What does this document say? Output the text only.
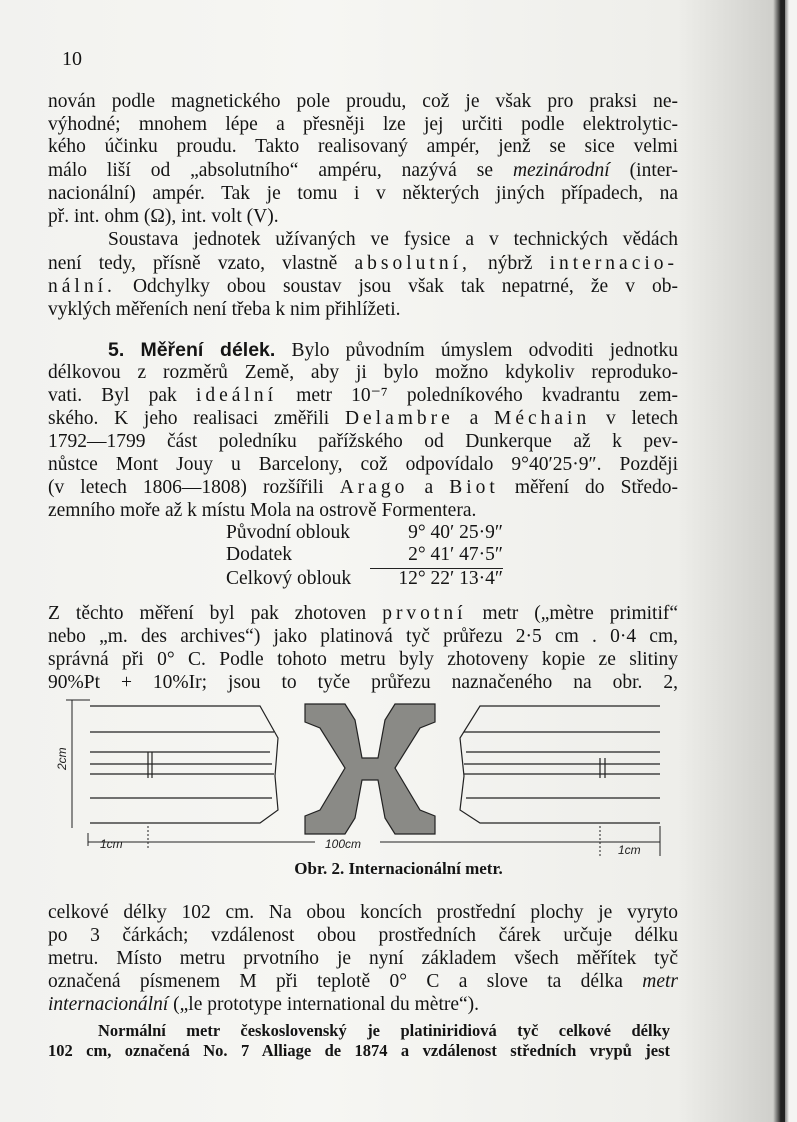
10
nován podle magnetického pole proudu, což je však pro praksi ne-
výhodné; mnohem lépe a přesněji lze jej určiti podle elektrolytic-
kého účinku proudu. Takto realisovaný ampér, jenž se sice velmi
málo liší od „absolutního“ ampéru, nazývá se mezinárodní (inter-
nacionální) ampér. Tak je tomu i v některých jiných případech, na
př. int. ohm (Ω), int. volt (V).
Soustava jednotek užívaných ve fysice a v technických vědách
není tedy, přísně vzato, vlastně absolutní, nýbrž internacio-
nální. Odchylky obou soustav jsou však tak nepatrné, že v ob-
vyklých měřeních není třeba k nim přihlížeti.
5. Měření délek. Bylo původním úmyslem odvoditi jednotku
délkovou z rozměrů Země, aby ji bylo možno kdykoliv reproduko-
vati. Byl pak ideální metr 10⁻⁷ poledníkového kvadrantu zem-
ského. K jeho realisaci změřili Delambre a Méchain v letech
1792—1799 část poledníku pařížského od Dunkerque až k pev-
nůstce Mont Jouy u Barcelony, což odpovídalo 9°40′25·9″. Později
(v letech 1806—1808) rozšířili Arago a Biot měření do Středo-
zemního moře až k místu Mola na ostrově Formentera.
Původní oblouk	9° 40′ 25·9″
Dodatek	2° 41′ 47·5″
Celkový oblouk 12° 22′ 13·4″
Z těchto měření byl pak zhotoven prvotní metr („mètre primitif“
nebo „m. des archives“) jako platinová tyč průřezu 2·5 cm . 0·4 cm,
správná při 0° C. Podle tohoto metru byly zhotoveny kopie ze slitiny
90%Pt + 10%Ir; jsou to tyče průřezu naznačeného na obr. 2,
2cm
1cm	100cm	1cm
Obr. 2. Internacionální metr.
celkové délky 102 cm. Na obou koncích prostřední plochy je vyryto
po 3 čárkách; vzdálenost obou prostředních čárek určuje délku
metru. Místo metru prvotního je nyní základem všech měřítek tyč
označená písmenem M při teplotě 0° C a slove ta délka metr
internacionální („le prototype international du mètre“).
Normální metr československý je platiniridiová tyč celkové délky
102 cm, označená No. 7 Alliage de 1874 a vzdálenost středních vrypů jest
